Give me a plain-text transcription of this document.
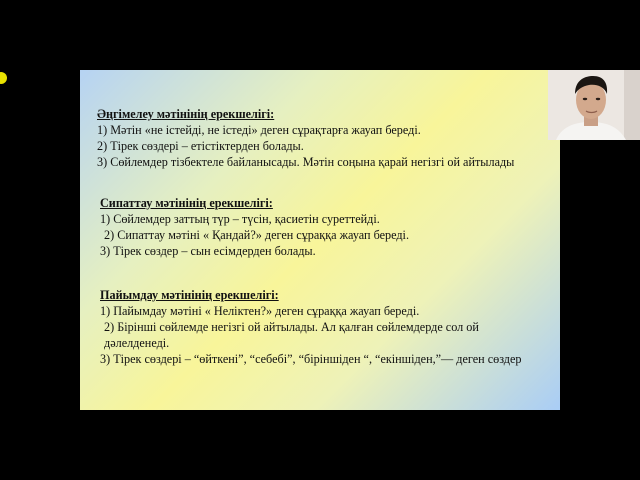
Әңгімелеу мәтінінің ерекшелігі:

1) Мәтін «не істейді, не істеді» деген сұрақтарға жауап береді.

2) Тірек сөздері – етістіктерден болады.

3) Сөйлемдер тізбектеле байланысады. Мәтін соңына қарай негізгі ой айтылады

Сипаттау мәтінінің ерекшелігі:

1) Сөйлемдер заттың түр – түсін, қасиетін суреттейді.

2) Сипаттау мәтіні « Қандай?» деген сұраққа жауап береді.

3) Тірек сөздер – сын есімдерден болады.

Пайымдау мәтінінің ерекшелігі:

1) Пайымдау мәтіні « Неліктен?» деген сұраққа жауап береді.

2) Бірінші сөйлемде негізгі ой айтылады. Ал қалған сөйлемдерде сол ой дәлелденеді.

3) Тірек сөздері – “өйткені”, “себебі”, “біріншіден “, “екіншіден,”— деген сөздер
